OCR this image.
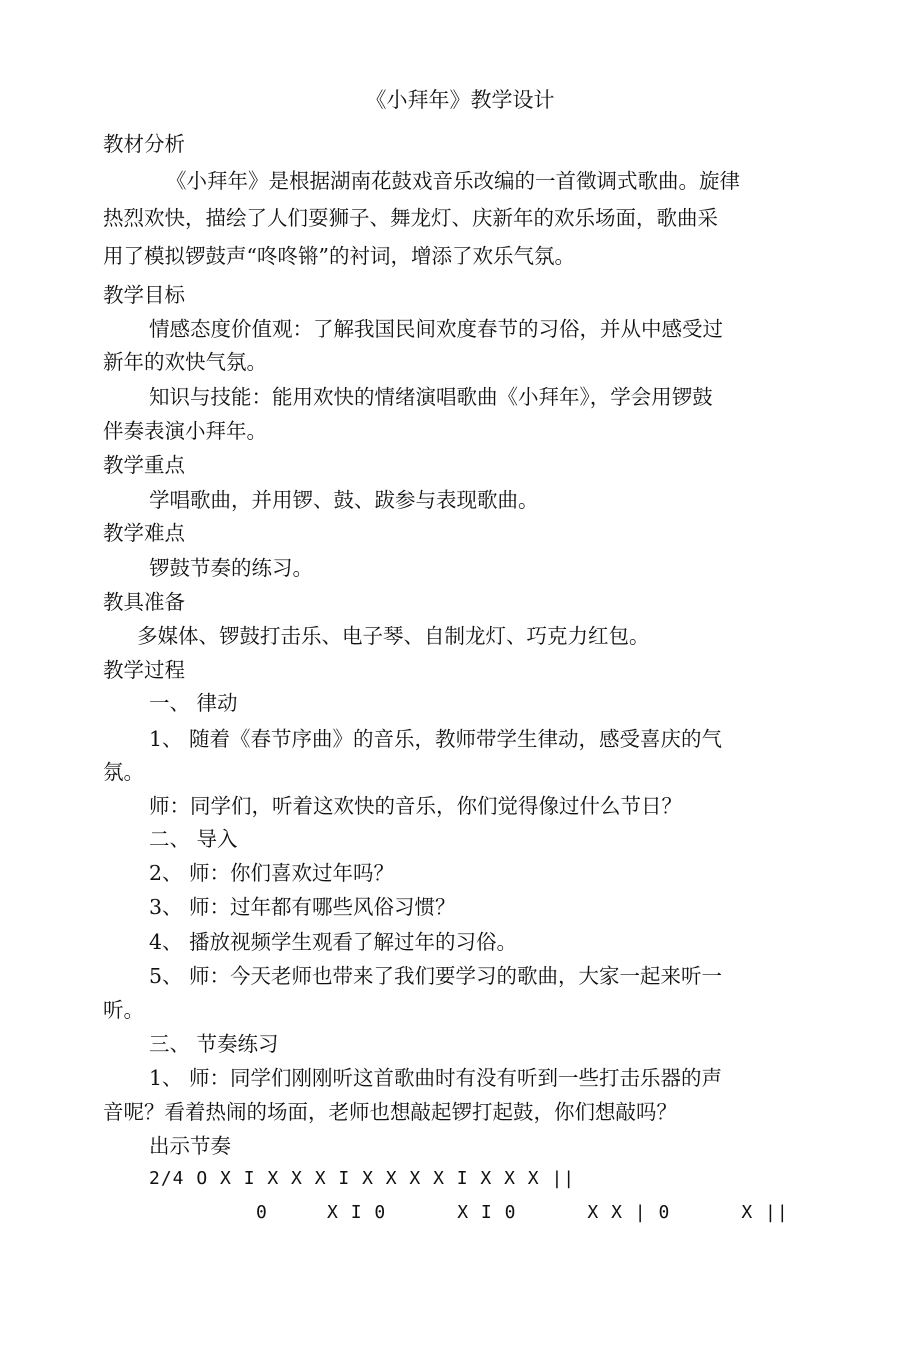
《小拜年》教学设计
教材分析
《小拜年》是根据湖南花鼓戏音乐改编的一首徵调式歌曲。旋律
热烈欢快，描绘了人们耍狮子、舞龙灯、庆新年的欢乐场面，歌曲采
用了模拟锣鼓声“咚咚锵”的衬词，增添了欢乐气氛。
教学目标
情感态度价值观：了解我国民间欢度春节的习俗，并从中感受过
新年的欢快气氛。
知识与技能：能用欢快的情绪演唱歌曲《小拜年》，学会用锣鼓
伴奏表演小拜年。
教学重点
学唱歌曲，并用锣、鼓、跋参与表现歌曲。
教学难点
锣鼓节奏的练习。
教具准备
多媒体、锣鼓打击乐、电子琴、自制龙灯、巧克力红包。
教学过程
一、 律动
1、 随着《春节序曲》的音乐，教师带学生律动，感受喜庆的气
氛。
师：同学们，听着这欢快的音乐，你们觉得像过什么节日？
二、 导入
2、 师：你们喜欢过年吗？
3、 师：过年都有哪些风俗习惯？
4、 播放视频学生观看了解过年的习俗。
5、 师：今天老师也带来了我们要学习的歌曲，大家一起来听一
听。
三、 节奏练习
1、 师：同学们刚刚听这首歌曲时有没有听到一些打击乐器的声
音呢？看着热闹的场面，老师也想敲起锣打起鼓，你们想敲吗？
出示节奏
2/4 O X I X X X I X X X X I X X X ||
0     X I 0      X I 0      X X | 0      X ||
